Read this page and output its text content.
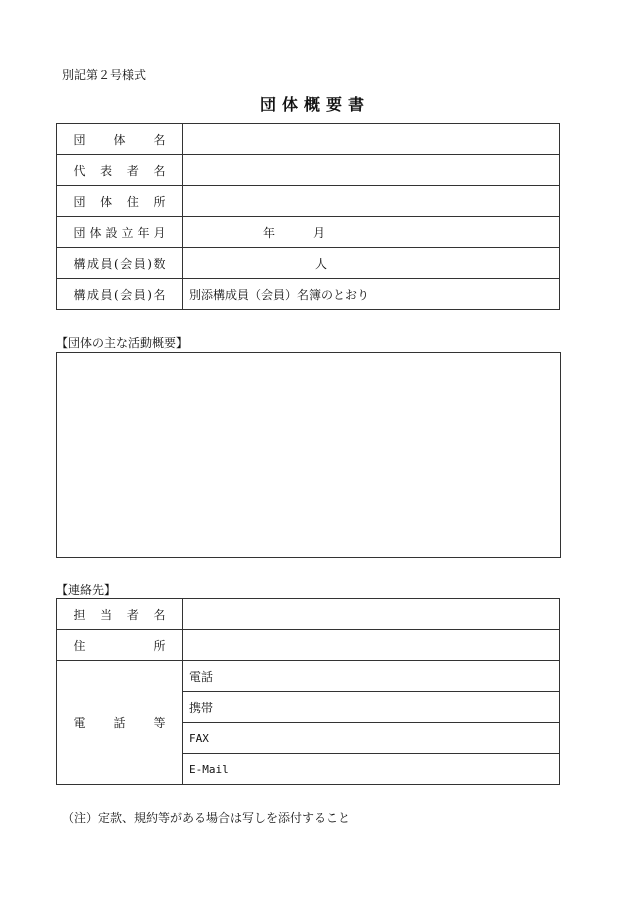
別記第２号様式
団体概要書
団体名	
代表者名	
団体住所	
団体設立年月	年 月
構成員(会員)数	人
構成員(会員)名	別添構成員（会員）名簿のとおり
【団体の主な活動概要】
【連絡先】
担当者名	
住所	
電話等	電話
	携帯
	FAX
	E-Mail
（注）定款、規約等がある場合は写しを添付すること
